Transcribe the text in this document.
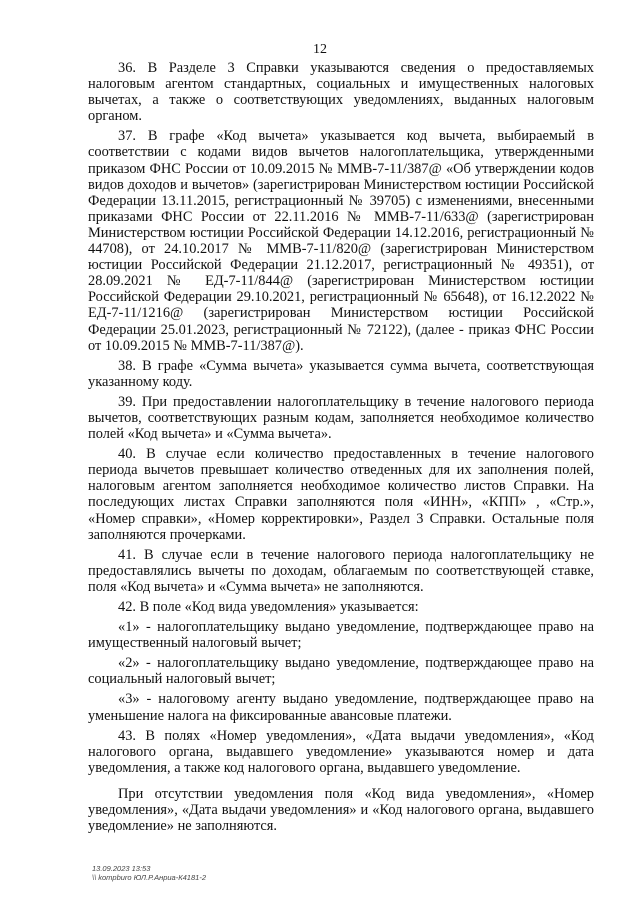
12

36. В Разделе 3 Справки указываются сведения о предоставляемых налоговым агентом стандартных, социальных и имущественных налоговых вычетах, а также о соответствующих уведомлениях, выданных налоговым органом.

37. В графе «Код вычета» указывается код вычета, выбираемый в соответствии с кодами видов вычетов налогоплательщика, утвержденными приказом ФНС России от 10.09.2015 № ММВ-7-11/387@ «Об утверждении кодов видов доходов и вычетов» (зарегистрирован Министерством юстиции Российской Федерации 13.11.2015, регистрационный № 39705) с изменениями, внесенными приказами ФНС России от 22.11.2016 № ММВ-7-11/633@ (зарегистрирован Министерством юстиции Российской Федерации 14.12.2016, регистрационный № 44708), от 24.10.2017 № ММВ-7-11/820@ (зарегистрирован Министерством юстиции Российской Федерации 21.12.2017, регистрационный № 49351), от 28.09.2021 № ЕД-7-11/844@ (зарегистрирован Министерством юстиции Российской Федерации 29.10.2021, регистрационный № 65648), от 16.12.2022 № ЕД-7-11/1216@ (зарегистрирован Министерством юстиции Российской Федерации 25.01.2023, регистрационный № 72122), (далее - приказ ФНС России от 10.09.2015 № ММВ-7-11/387@).

38. В графе «Сумма вычета» указывается сумма вычета, соответствующая указанному коду.

39. При предоставлении налогоплательщику в течение налогового периода вычетов, соответствующих разным кодам, заполняется необходимое количество полей «Код вычета» и «Сумма вычета».

40. В случае если количество предоставленных в течение налогового периода вычетов превышает количество отведенных для их заполнения полей, налоговым агентом заполняется необходимое количество листов Справки. На последующих листах Справки заполняются поля «ИНН», «КПП» , «Стр.», «Номер справки», «Номер корректировки», Раздел 3 Справки. Остальные поля заполняются прочерками.

41. В случае если в течение налогового периода налогоплательщику не предоставлялись вычеты по доходам, облагаемым по соответствующей ставке, поля «Код вычета» и «Сумма вычета» не заполняются.

42. В поле «Код вида уведомления» указывается:

«1» - налогоплательщику выдано уведомление, подтверждающее право на имущественный налоговый вычет;

«2» - налогоплательщику выдано уведомление, подтверждающее право на социальный налоговый вычет;

«3» - налоговому агенту выдано уведомление, подтверждающее право на уменьшение налога на фиксированные авансовые платежи.

43. В полях «Номер уведомления», «Дата выдачи уведомления», «Код налогового органа, выдавшего уведомление» указываются номер и дата уведомления, а также код налогового органа, выдавшего уведомление.

При отсутствии уведомления поля «Код вида уведомления», «Номер уведомления», «Дата выдачи уведомления» и «Код налогового органа, выдавшего уведомление» не заполняются.

13.09.2023 13:53
\\ kompburo ЮЛ.Р.Анриа-К4181-2
